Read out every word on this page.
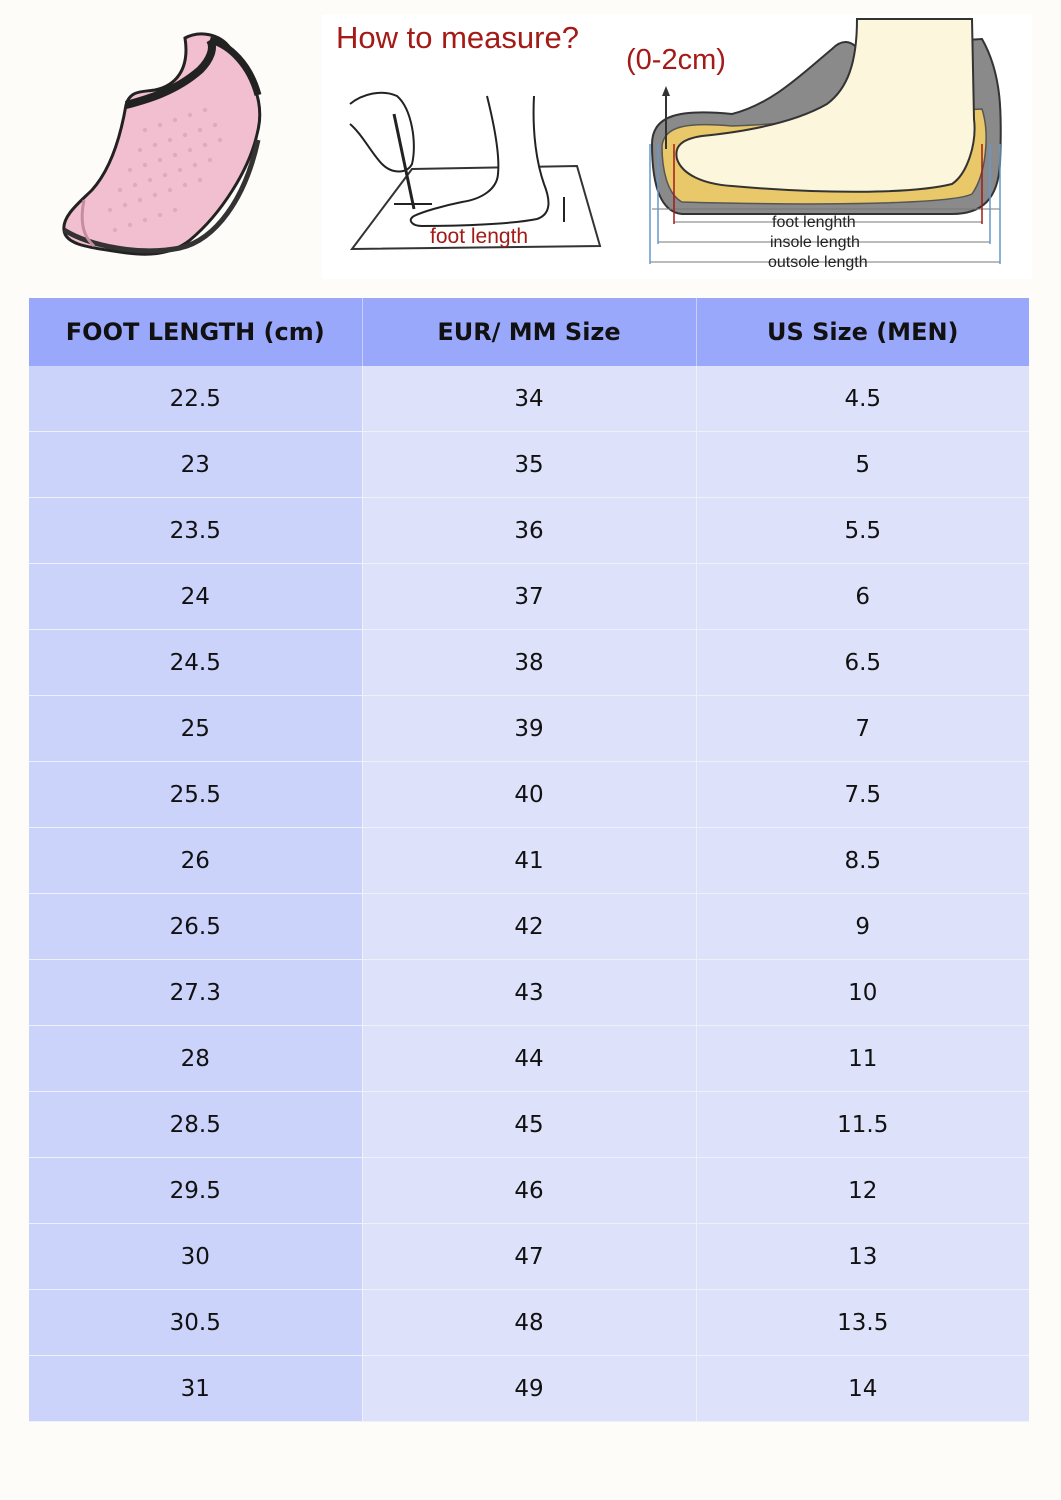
How to measure?
foot length
(0-2cm)
foot lenghth
insole length
outsole length
FOOT LENGTH (cm)	EUR/ MM Size	US Size (MEN)
22.5	34	4.5
23	35	5
23.5	36	5.5
24	37	6
24.5	38	6.5
25	39	7
25.5	40	7.5
26	41	8.5
26.5	42	9
27.3	43	10
28	44	11
28.5	45	11.5
29.5	46	12
30	47	13
30.5	48	13.5
31	49	14
